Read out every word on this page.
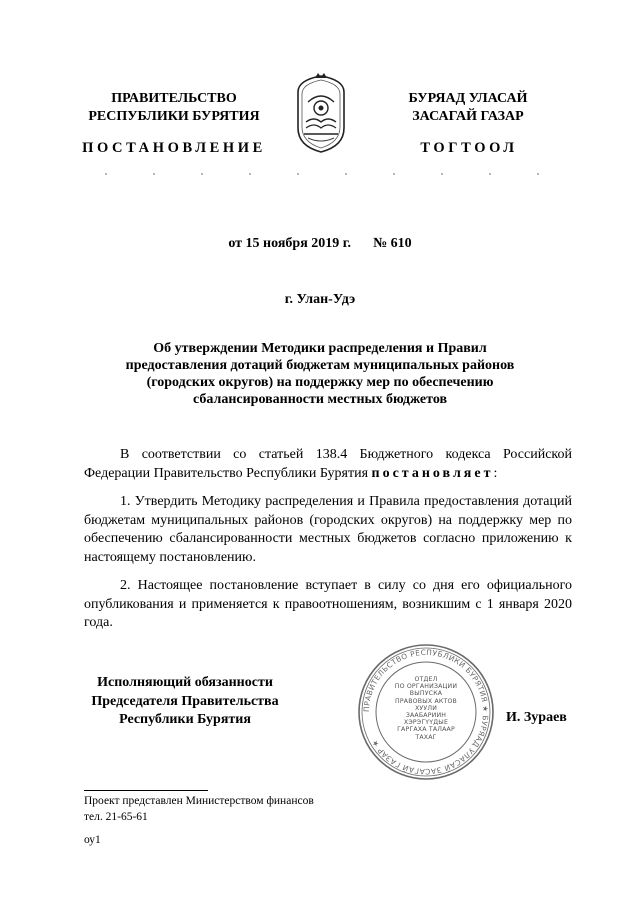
ПРАВИТЕЛЬСТВО
РЕСПУБЛИКИ БУРЯТИЯ
БУРЯАД УЛАСАЙ
ЗАСАГАЙ ГАЗАР
ПОСТАНОВЛЕНИЕ	ТОГТООЛ
от 15 ноября 2019 г. № 610
г. Улан-Удэ
Об утверждении Методики распределения и Правил
предоставления дотаций бюджетам муниципальных районов
(городских округов) на поддержку мер по обеспечению
сбалансированности местных бюджетов

В соответствии со статьей 138.4 Бюджетного кодекса Российской Федерации Правительство Республики Бурятия постановляет:

1. Утвердить Методику распределения и Правила предоставления дотаций бюджетам муниципальных районов (городских округов) на поддержку мер по обеспечению сбалансированности местных бюджетов согласно приложению к настоящему постановлению.

2. Настоящее постановление вступает в силу со дня его официального опубликования и применяется к правоотношениям, возникшим с 1 января 2020 года.

Исполняющий обязанности
Председателя Правительства
Республики Бурятия
ПРАВИТЕЛЬСТВО РЕСПУБЛИКИ БУРЯТИЯ ★ БУРЯАД УЛАСАЙ ЗАСАГАЙ ГАЗАР ★
ОТДЕЛ
ПО ОРГАНИЗАЦИИ
ВЫПУСКА
ПРАВОВЫХ АКТОВ
ХУУЛИ
ЗААБАРИИН ХЭРЭГҮҮДЫЕ
ГАРГАХА ТАЛААР
ТАХАГ
И. Зураев
Проект представлен Министерством финансов
тел. 21-65-61
оу1
